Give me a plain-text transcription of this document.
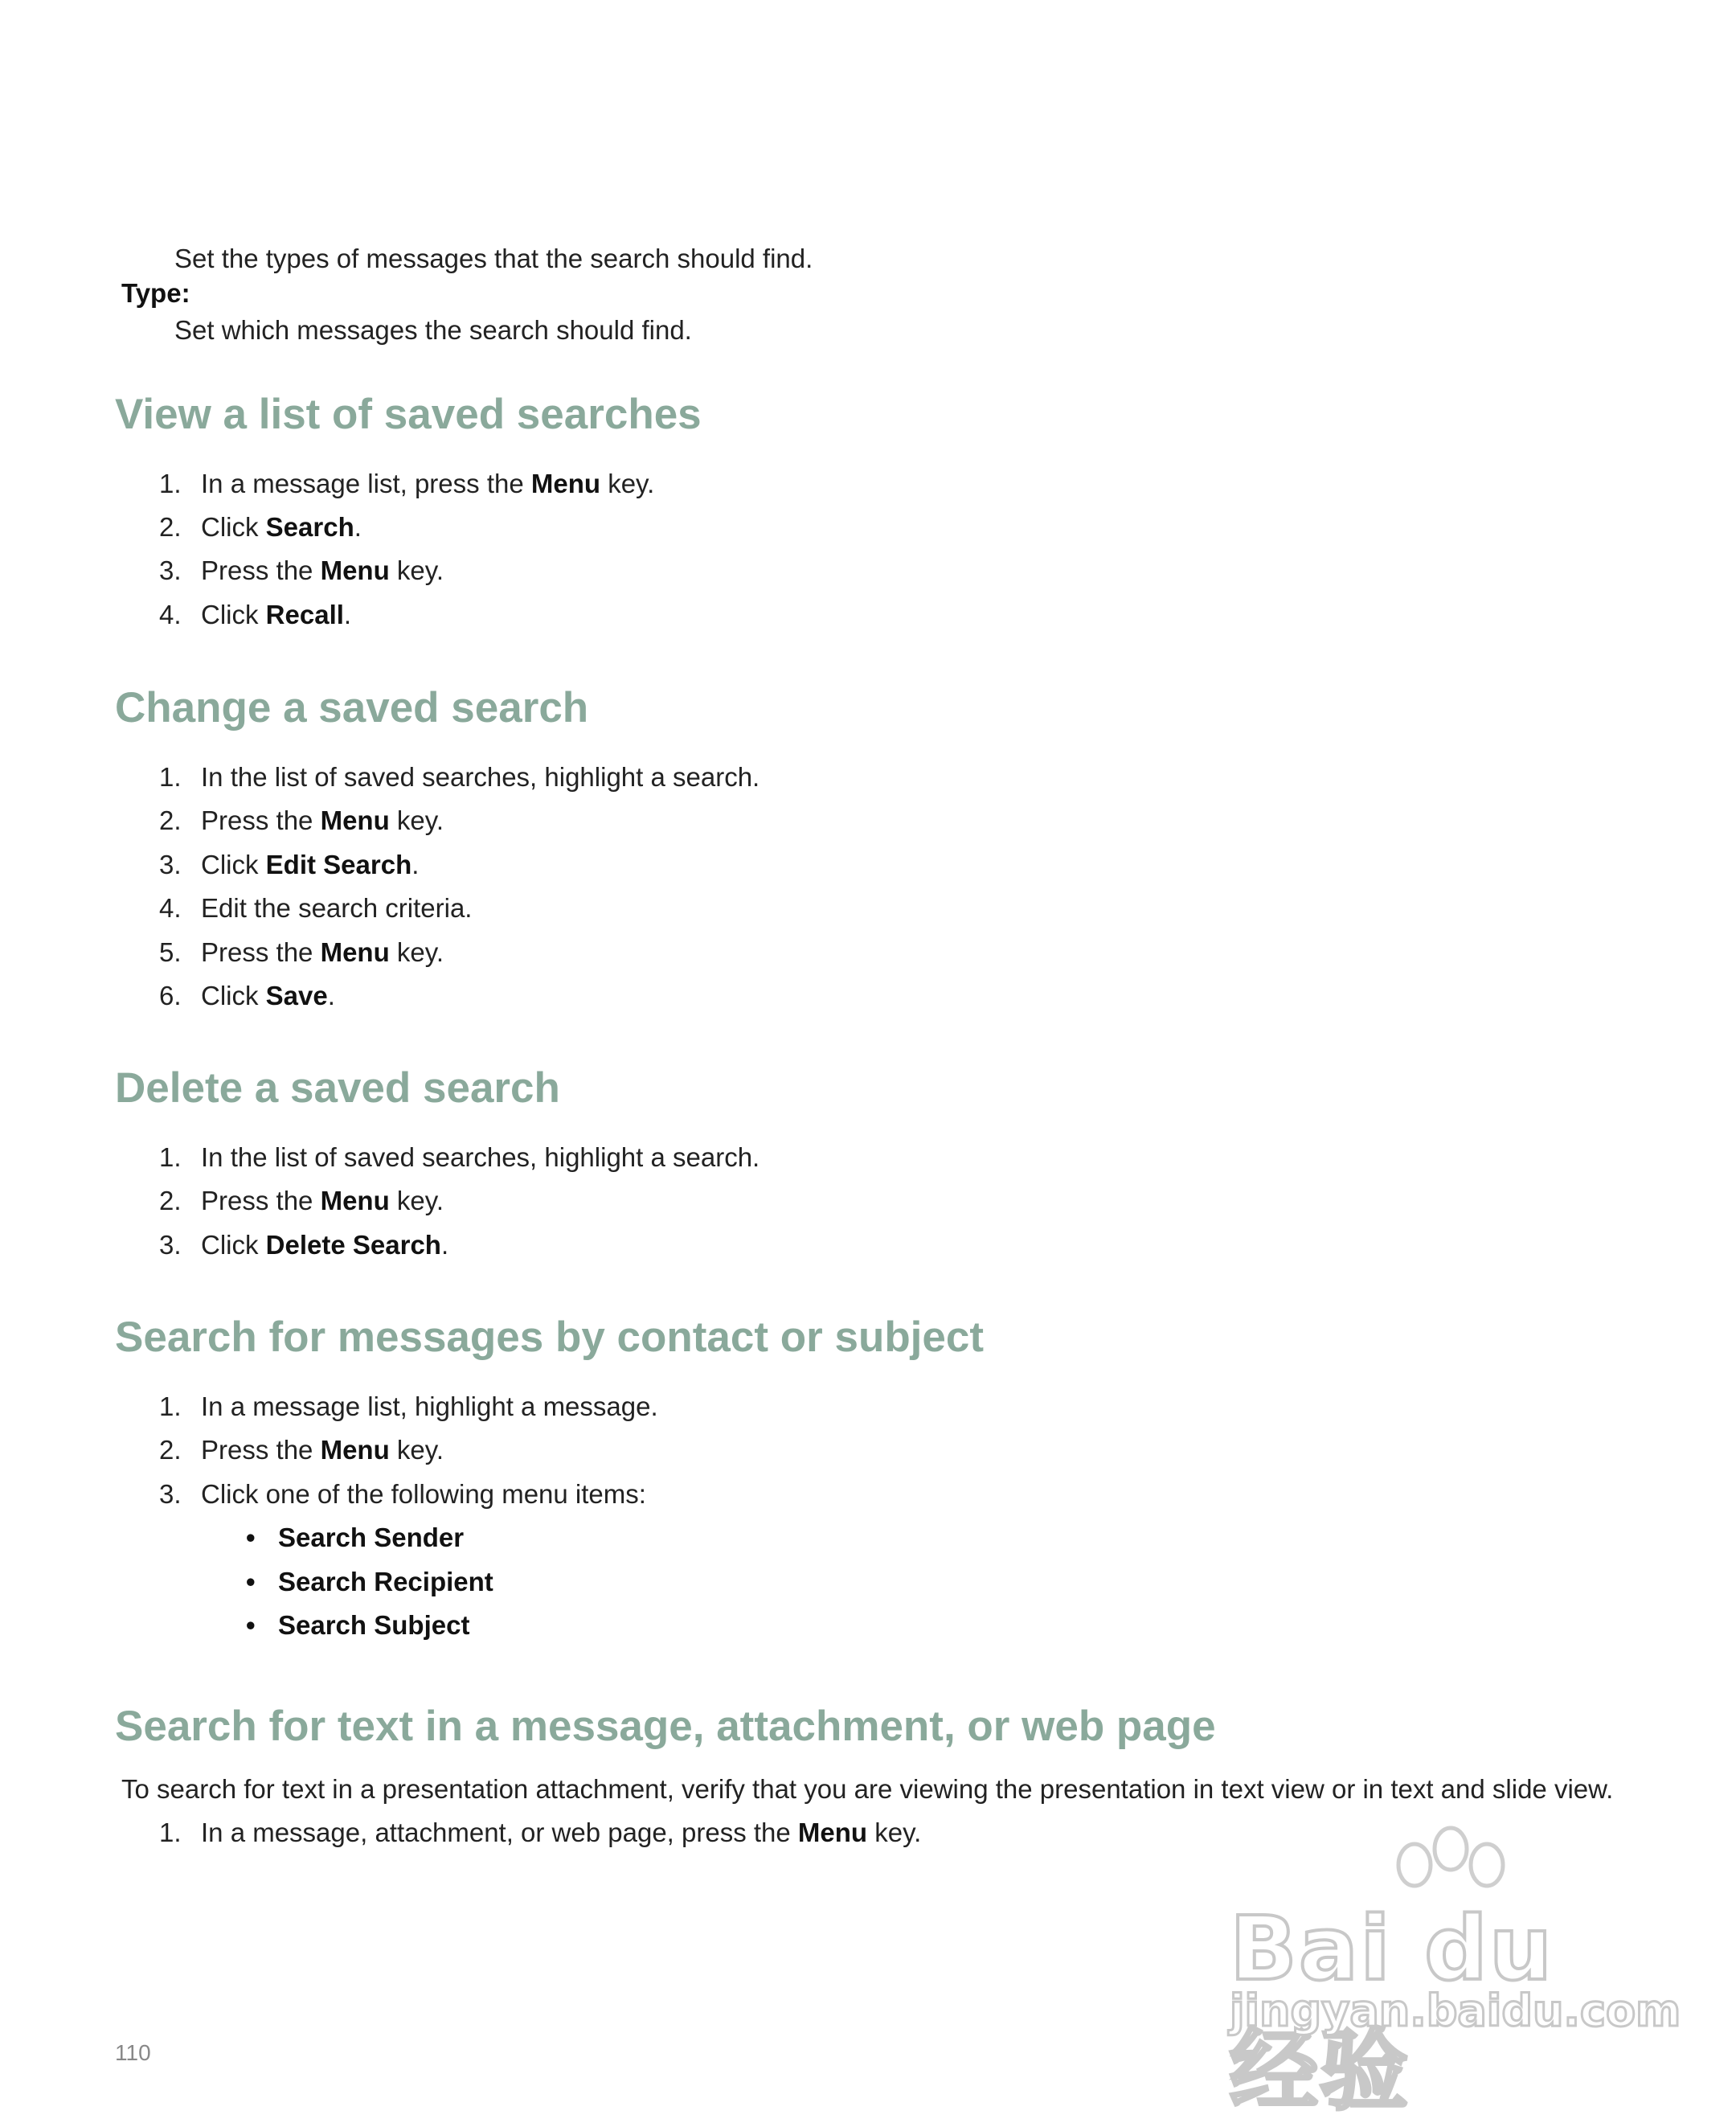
Set the types of messages that the search should find.
Type:
Set which messages the search should find.
View a list of saved searches
1. In a message list, press the Menu key.
2. Click Search.
3. Press the Menu key.
4. Click Recall.
Change a saved search
1. In the list of saved searches, highlight a search.
2. Press the Menu key.
3. Click Edit Search.
4. Edit the search criteria.
5. Press the Menu key.
6. Click Save.
Delete a saved search
1. In the list of saved searches, highlight a search.
2. Press the Menu key.
3. Click Delete Search.
Search for messages by contact or subject
1. In a message list, highlight a message.
2. Press the Menu key.
3. Click one of the following menu items:
• Search Sender
• Search Recipient
• Search Subject
Search for text in a message, attachment, or web page
To search for text in a presentation attachment, verify that you are viewing the presentation in text view or in text and slide view.
1. In a message, attachment, or web page, press the Menu key.
110
Bai du 经验
jingyan.baidu.com
